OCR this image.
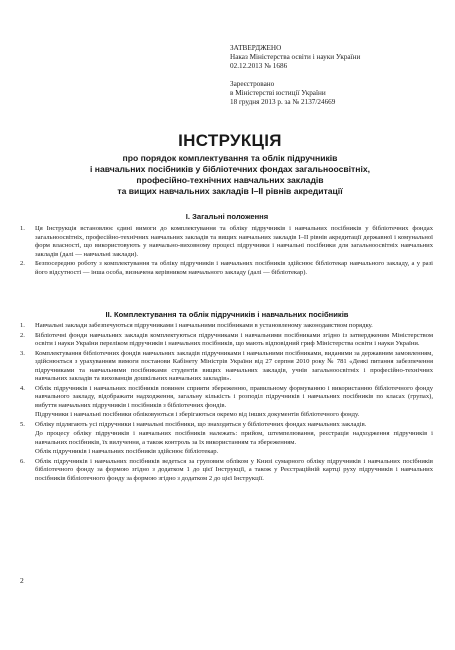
ЗАТВЕРДЖЕНО
Наказ Міністерства освіти і науки України
02.12.2013 № 1686
Зареєстровано
в Міністерстві юстиції України
18 грудня 2013 р. за № 2137/24669
ІНСТРУКЦІЯ
про порядок комплектування та облік підручників
і навчальних посібників у бібліотечних фондах загальноосвітніх,
професійно-технічних навчальних закладів
та вищих навчальних закладів I–II рівнів акредитації
I. Загальні положення
1.	Ця Інструкція встановлює єдині вимоги до комплектування та обліку підручників і навчальних посібників у бібліотечних фондах загальноосвітніх, професійно-технічних навчальних закладів та вищих навчальних закладів I–II рівнів акредитації державної і комунальної форм власності, що використовують у навчально-виховному процесі підручники і навчальні посібники для загальноосвітніх навчальних закладів (далі — навчальні заклади).
2.	Безпосередню роботу з комплектування та обліку підручників і навчальних посібників здійснює бібліотекар навчального закладу, а у разі його відсутності — інша особа, визначена керівником навчального закладу (далі — бібліотекар).
II. Комплектування та облік підручників і навчальних посібників
1.	Навчальні заклади забезпечуються підручниками і навчальними посібниками в установленому законодавством порядку.
2.	Бібліотечні фонди навчальних закладів комплектуються підручниками і навчальними посібниками згідно із затвердженим Міністерством освіти і науки України переліком підручників і навчальних посібників, що мають відповідний гриф Міністерства освіти і науки України.
3.	Комплектування бібліотечних фондів навчальних закладів підручниками і навчальними посібниками, виданими за державним замовленням, здійснюється з урахуванням вимоги постанови Кабінету Міністрів України від 27 серпня 2010 року № 781 «Деякі питання забезпечення підручниками та навчальними посібниками студентів вищих навчальних закладів, учнів загальноосвітніх і професійно-технічних навчальних закладів та вихованців дошкільних навчальних закладів».
4.	Облік підручників і навчальних посібників повинен сприяти збереженню, правильному формуванню і використанню бібліотечного фонду навчального закладу, відображати надходження, загальну кількість і розподіл підручників і навчальних посібників по класах (групах), вибуття навчальних підручників і посібників з бібліотечних фондів.
Підручники і навчальні посібники обліковуються і зберігаються окремо від інших документів бібліотечного фонду.
5.	Обліку підлягають усі підручники і навчальні посібники, що знаходяться у бібліотечних фондах навчальних закладів.
До процесу обліку підручників і навчальних посібників належать: прийом, штемпелювання, реєстрація надходження підручників і навчальних посібників, їх вилучення, а також контроль за їх використанням та збереженням.
Облік підручників і навчальних посібників здійснює бібліотекар.
6.	Облік підручників і навчальних посібників ведеться за груповим обліком у Книзі сумарного обліку підручників і навчальних посібників бібліотечного фонду за формою згідно з додатком 1 до цієї Інструкції, а також у Реєстраційній картці руху підручників і навчальних посібників бібліотечного фонду за формою згідно з додатком 2 до цієї Інструкції.
2
